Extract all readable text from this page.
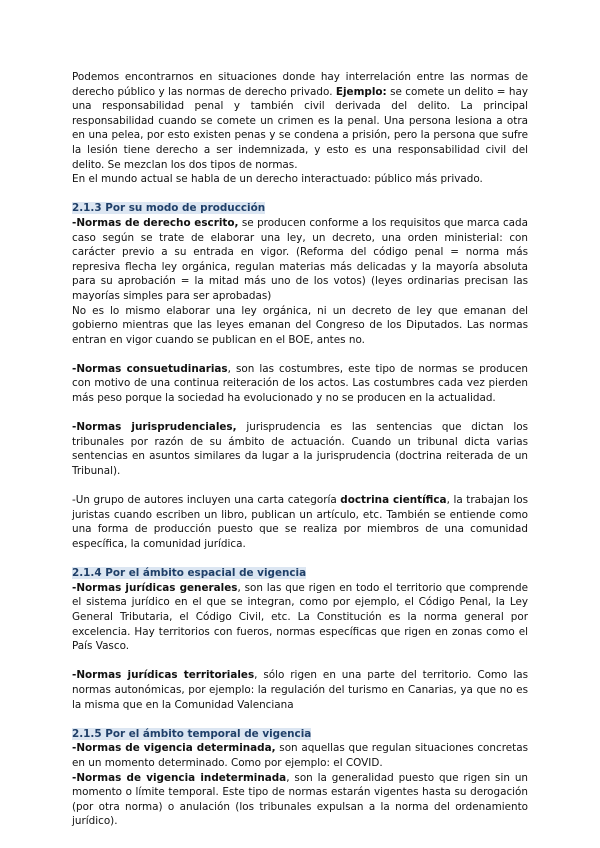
Podemos encontrarnos en situaciones donde hay interrelación entre las normas de derecho público y las normas de derecho privado. Ejemplo: se comete un delito = hay una responsabilidad penal y también civil derivada del delito. La principal responsabilidad cuando se comete un crimen es la penal. Una persona lesiona a otra en una pelea, por esto existen penas y se condena a prisión, pero la persona que sufre la lesión tiene derecho a ser indemnizada, y esto es una responsabilidad civil del delito. Se mezclan los dos tipos de normas.

En el mundo actual se habla de un derecho interactuado: público más privado.

2.1.3 Por su modo de producción

-Normas de derecho escrito, se producen conforme a los requisitos que marca cada caso según se trate de elaborar una ley, un decreto, una orden ministerial: con carácter previo a su entrada en vigor. (Reforma del código penal = norma más represiva flecha ley orgánica, regulan materias más delicadas y la mayoría absoluta para su aprobación = la mitad más uno de los votos) (leyes ordinarias precisan las mayorías simples para ser aprobadas)

No es lo mismo elaborar una ley orgánica, ni un decreto de ley que emanan del gobierno mientras que las leyes emanan del Congreso de los Diputados. Las normas entran en vigor cuando se publican en el BOE, antes no.

-Normas consuetudinarias, son las costumbres, este tipo de normas se producen con motivo de una continua reiteración de los actos. Las costumbres cada vez pierden más peso porque la sociedad ha evolucionado y no se producen en la actualidad.

-Normas jurisprudenciales, jurisprudencia es las sentencias que dictan los tribunales por razón de su ámbito de actuación. Cuando un tribunal dicta varias sentencias en asuntos similares da lugar a la jurisprudencia (doctrina reiterada de un Tribunal).

-Un grupo de autores incluyen una carta categoría doctrina científica, la trabajan los juristas cuando escriben un libro, publican un artículo, etc. También se entiende como una forma de producción puesto que se realiza por miembros de una comunidad específica, la comunidad jurídica.

2.1.4 Por el ámbito espacial de vigencia

-Normas jurídicas generales, son las que rigen en todo el territorio que comprende el sistema jurídico en el que se integran, como por ejemplo, el Código Penal, la Ley General Tributaria, el Código Civil, etc. La Constitución es la norma general por excelencia. Hay territorios con fueros, normas específicas que rigen en zonas como el País Vasco.

-Normas jurídicas territoriales, sólo rigen en una parte del territorio. Como las normas autonómicas, por ejemplo: la regulación del turismo en Canarias, ya que no es la misma que en la Comunidad Valenciana

2.1.5 Por el ámbito temporal de vigencia

-Normas de vigencia determinada, son aquellas que regulan situaciones concretas en un momento determinado. Como por ejemplo: el COVID.

-Normas de vigencia indeterminada, son la generalidad puesto que rigen sin un momento o límite temporal. Este tipo de normas estarán vigentes hasta su derogación (por otra norma) o anulación (los tribunales expulsan a la norma del ordenamiento jurídico).
